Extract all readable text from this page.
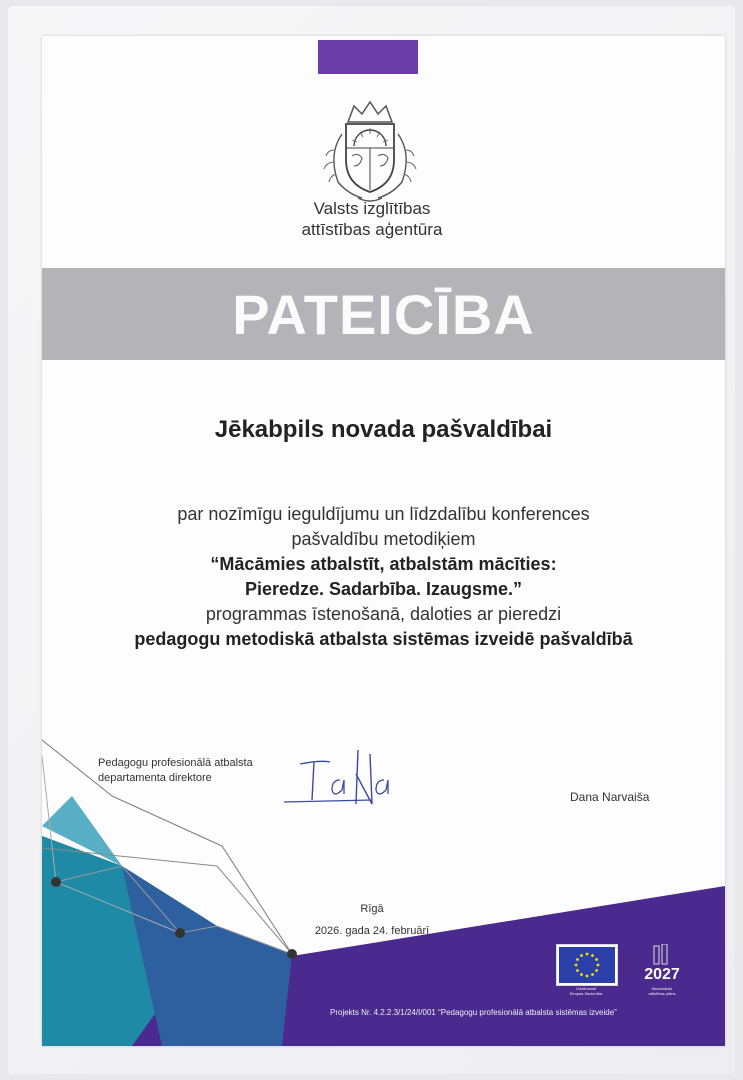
Valsts izglītības
attīstības aģentūra
PATEICĪBA
Jēkabpils novada pašvaldībai
par nozīmīgu ieguldījumu un līdzdalību konferences
pašvaldību metodiķiem
“Mācāmies atbalstīt, atbalstām mācīties:
Pieredze. Sadarbība. Izaugsme.”
programmas īstenošanā, daloties ar pieredzi
pedagogu metodiskā atbalsta sistēmas izveidē pašvaldībā
Pedagogu profesionālā atbalsta
departamenta direktore
Dana Narvaiša
Rīgā
2026. gada 24. februārī
Līdzfinansē
Eiropas Savienība
2027
Nacionālais
attīstības plāns
Projekts Nr. 4.2.2.3/1/24/I/001 “Pedagogu profesionālā atbalsta sistēmas izveide”
